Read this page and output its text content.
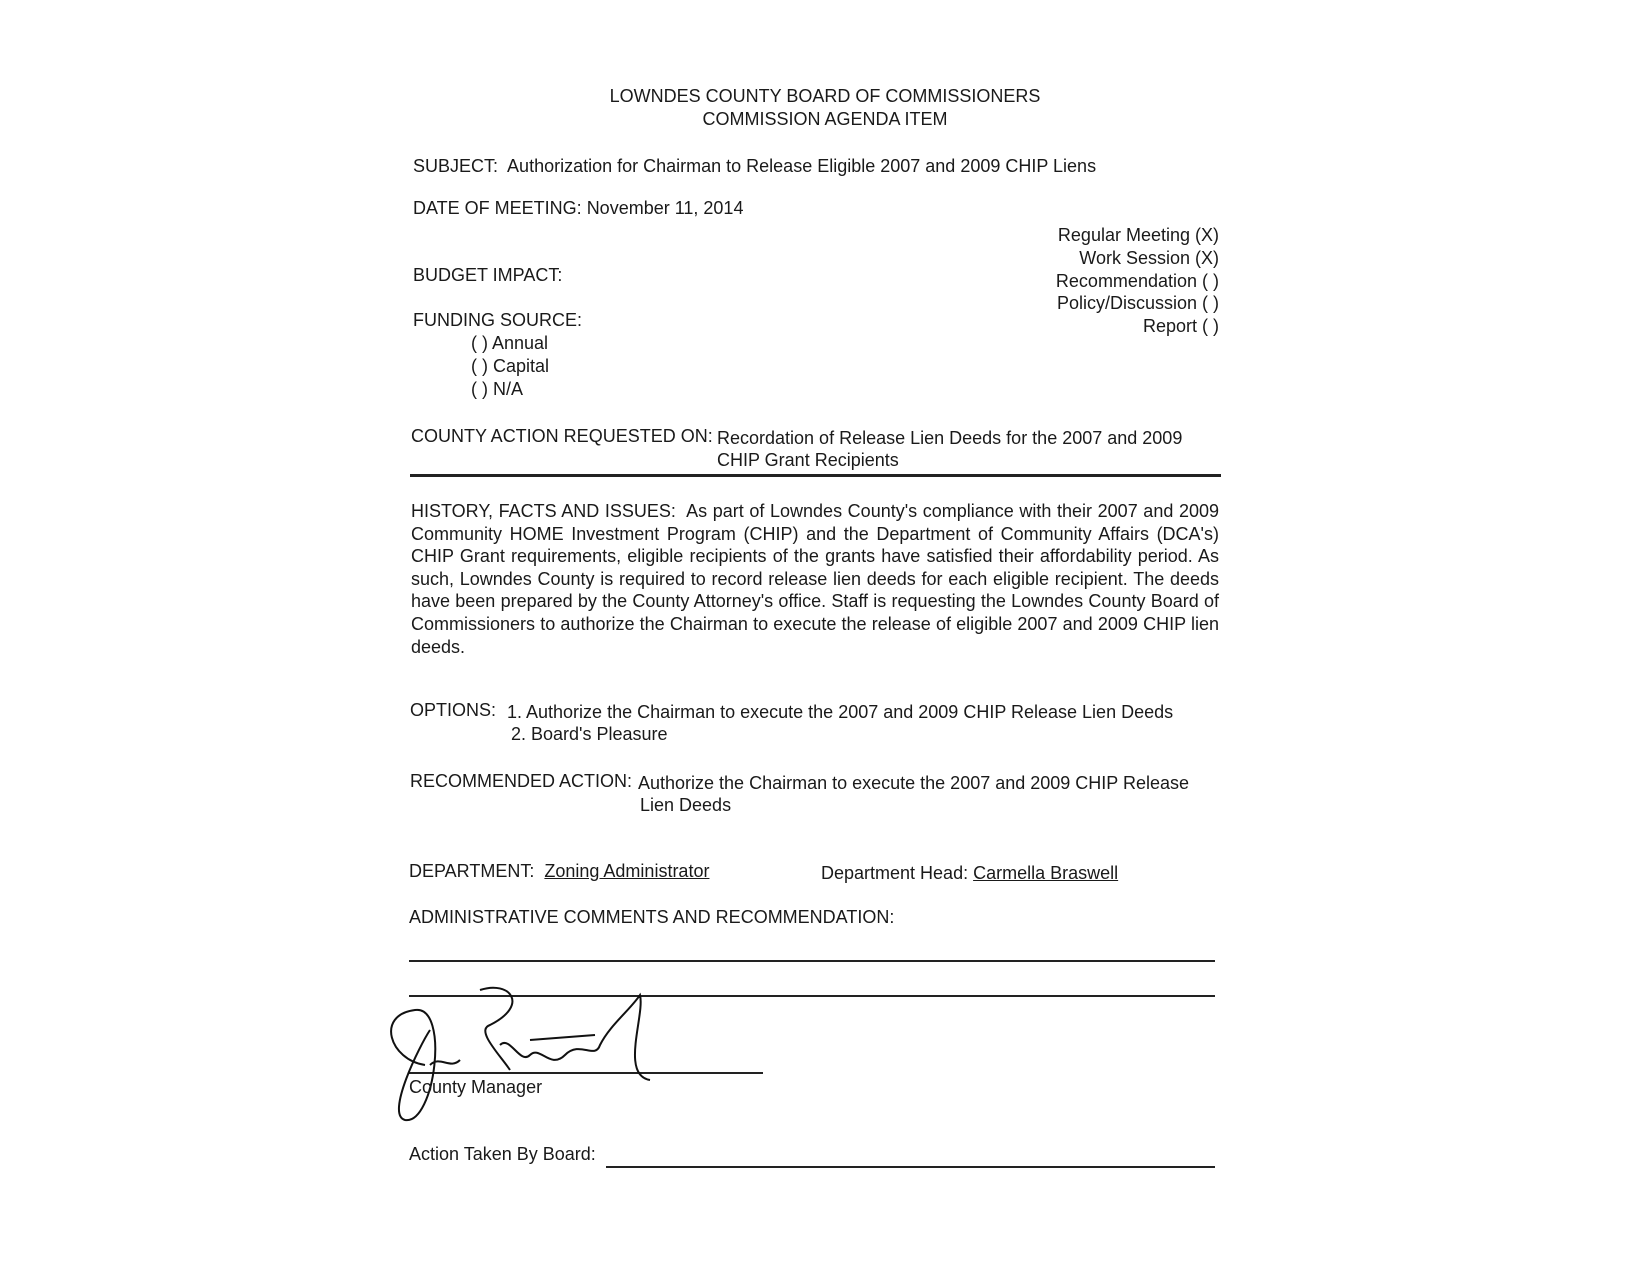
LOWNDES COUNTY BOARD OF COMMISSIONERS
COMMISSION AGENDA ITEM
SUBJECT: Authorization for Chairman to Release Eligible 2007 and 2009 CHIP Liens
DATE OF MEETING: November 11, 2014
Regular Meeting (X)
Work Session (X)
Recommendation ( )
Policy/Discussion ( )
Report ( )
BUDGET IMPACT:
FUNDING SOURCE:
( ) Annual
( ) Capital
( ) N/A
COUNTY ACTION REQUESTED ON: Recordation of Release Lien Deeds for the 2007 and 2009
CHIP Grant Recipients
HISTORY, FACTS AND ISSUES: As part of Lowndes County's compliance with their 2007 and 2009 Community HOME Investment Program (CHIP) and the Department of Community Affairs (DCA's) CHIP Grant requirements, eligible recipients of the grants have satisfied their affordability period. As such, Lowndes County is required to record release lien deeds for each eligible recipient. The deeds have been prepared by the County Attorney's office. Staff is requesting the Lowndes County Board of Commissioners to authorize the Chairman to execute the release of eligible 2007 and 2009 CHIP lien deeds.
OPTIONS: 1. Authorize the Chairman to execute the 2007 and 2009 CHIP Release Lien Deeds
2. Board's Pleasure
RECOMMENDED ACTION: Authorize the Chairman to execute the 2007 and 2009 CHIP Release
Lien Deeds
DEPARTMENT: Zoning Administrator	Department Head: Carmella Braswell
ADMINISTRATIVE COMMENTS AND RECOMMENDATION:
County Manager
Action Taken By Board:
